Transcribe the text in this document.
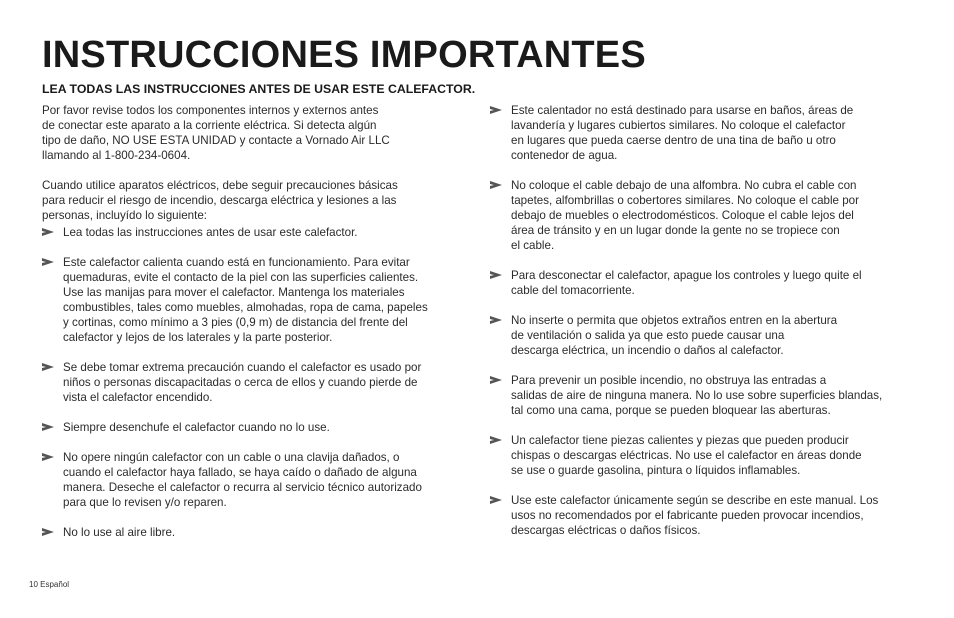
INSTRUCCIONES IMPORTANTES
LEA TODAS LAS INSTRUCCIONES ANTES DE USAR ESTE CALEFACTOR.

Por favor revise todos los componentes internos y externos antes
de conectar este aparato a la corriente eléctrica. Si detecta algún
tipo de daño, NO USE ESTA UNIDAD y contacte a Vornado Air LLC
llamando al 1-800-234-0604.

Cuando utilice aparatos eléctricos, debe seguir precauciones básicas
para reducir el riesgo de incendio, descarga eléctrica y lesiones a las
personas, incluyído lo siguiente:

Lea todas las instrucciones antes de usar este calefactor.
Este calefactor calienta cuando está en funcionamiento. Para evitar
quemaduras, evite el contacto de la piel con las superficies calientes.
Use las manijas para mover el calefactor. Mantenga los materiales
combustibles, tales como muebles, almohadas, ropa de cama, papeles
y cortinas, como mínimo a 3 pies (0,9 m) de distancia del frente del
calefactor y lejos de los laterales y la parte posterior.
Se debe tomar extrema precaución cuando el calefactor es usado por
niños o personas discapacitadas o cerca de ellos y cuando pierde de
vista el calefactor encendido.
Siempre desenchufe el calefactor cuando no lo use.
No opere ningún calefactor con un cable o una clavija dañados, o
cuando el calefactor haya fallado, se haya caído o dañado de alguna
manera. Deseche el calefactor o recurra al servicio técnico autorizado
para que lo revisen y/o reparen.
No lo use al aire libre.
Este calentador no está destinado para usarse en baños, áreas de
lavandería y lugares cubiertos similares. No coloque el calefactor
en lugares que pueda caerse dentro de una tina de baño u otro
contenedor de agua.
No coloque el cable debajo de una alfombra. No cubra el cable con
tapetes, alfombrillas o cobertores similares. No coloque el cable por
debajo de muebles o electrodomésticos. Coloque el cable lejos del
área de tránsito y en un lugar donde la gente no se tropiece con
el cable.
Para desconectar el calefactor, apague los controles y luego quite el
cable del tomacorriente.
No inserte o permita que objetos extraños entren en la abertura
de ventilación o salida ya que esto puede causar una
descarga eléctrica, un incendio o daños al calefactor.
Para prevenir un posible incendio, no obstruya las entradas a
salidas de aire de ninguna manera. No lo use sobre superficies blandas,
tal como una cama, porque se pueden bloquear las aberturas.
Un calefactor tiene piezas calientes y piezas que pueden producir
chispas o descargas eléctricas. No use el calefactor en áreas donde
se use o guarde gasolina, pintura o líquidos inflamables.
Use este calefactor únicamente según se describe en este manual. Los
usos no recomendados por el fabricante pueden provocar incendios,
descargas eléctricas o daños físicos.
10 Español
